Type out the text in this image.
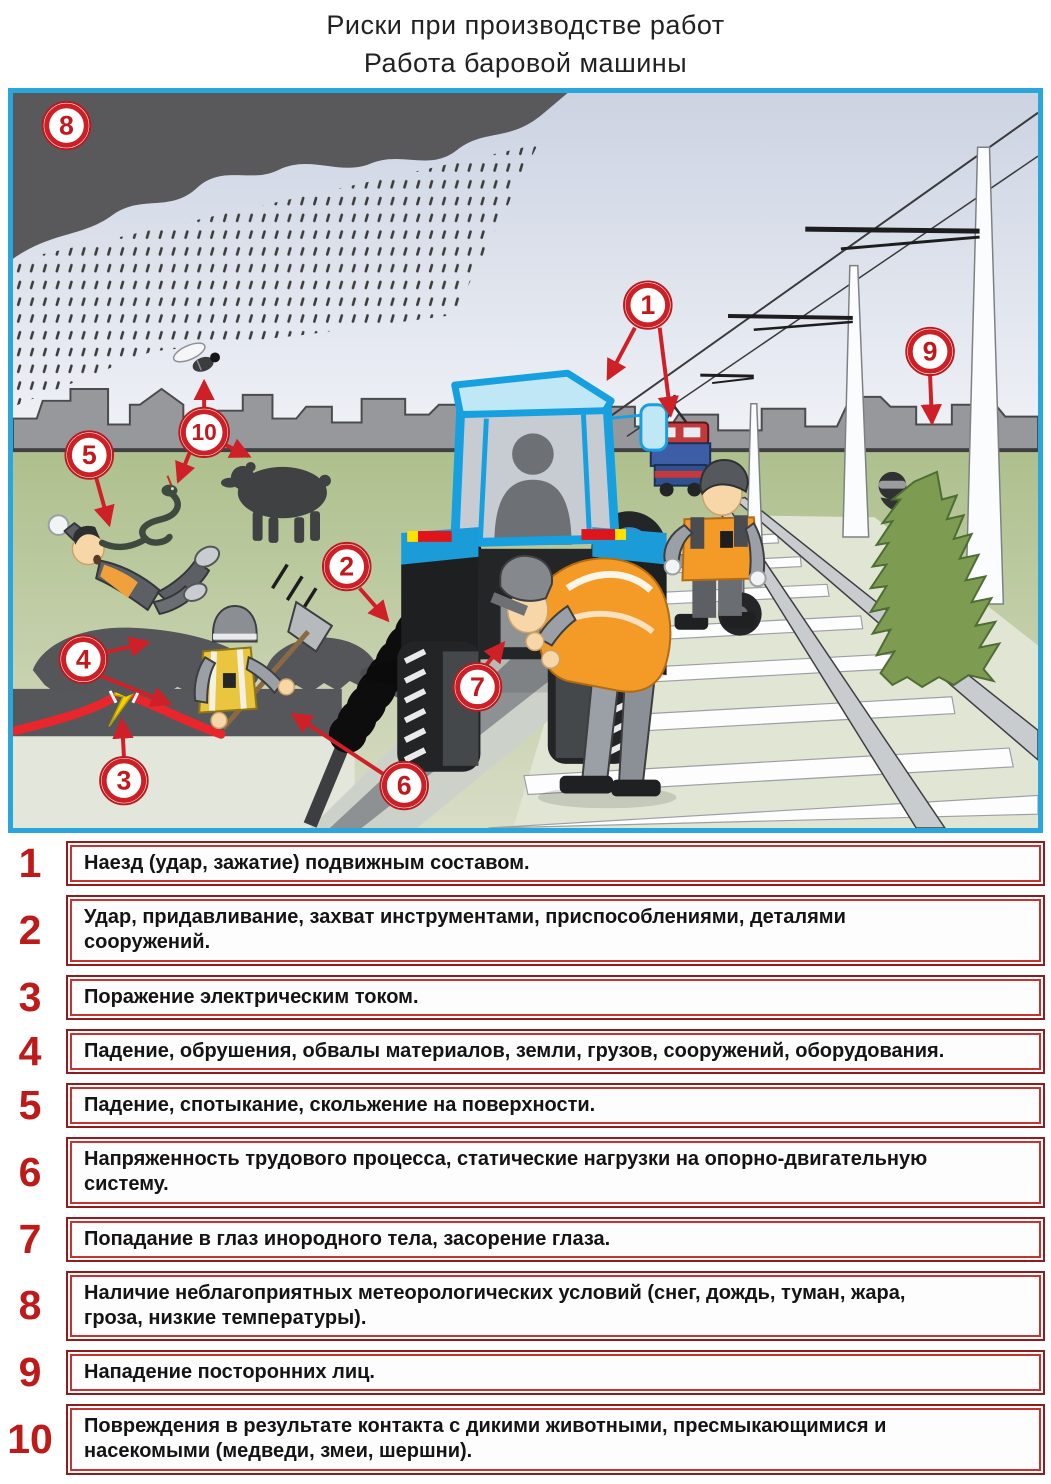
Риски при производстве работ
Работа баровой машины
1
2
3
4
5
6
7
8
9
10
1	Наезд (удар, зажатие) подвижным составом.
2	Удар, придавливание, захват инструментами, приспособлениями, деталями сооружений.
3	Поражение электрическим током.
4	Падение, обрушения, обвалы материалов, земли, грузов, сооружений, оборудования.
5	Падение, спотыкание, скольжение на поверхности.
6	Напряженность трудового процесса, статические нагрузки на опорно-двигательную систему.
7	Попадание в глаз инородного тела, засорение глаза.
8	Наличие неблагоприятных метеорологических условий (снег, дождь, туман, жара, гроза, низкие температуры).
9	Нападение посторонних лиц.
10 Повреждения в результате контакта с дикими животными, пресмыкающимися и насекомыми (медведи, змеи, шершни).
